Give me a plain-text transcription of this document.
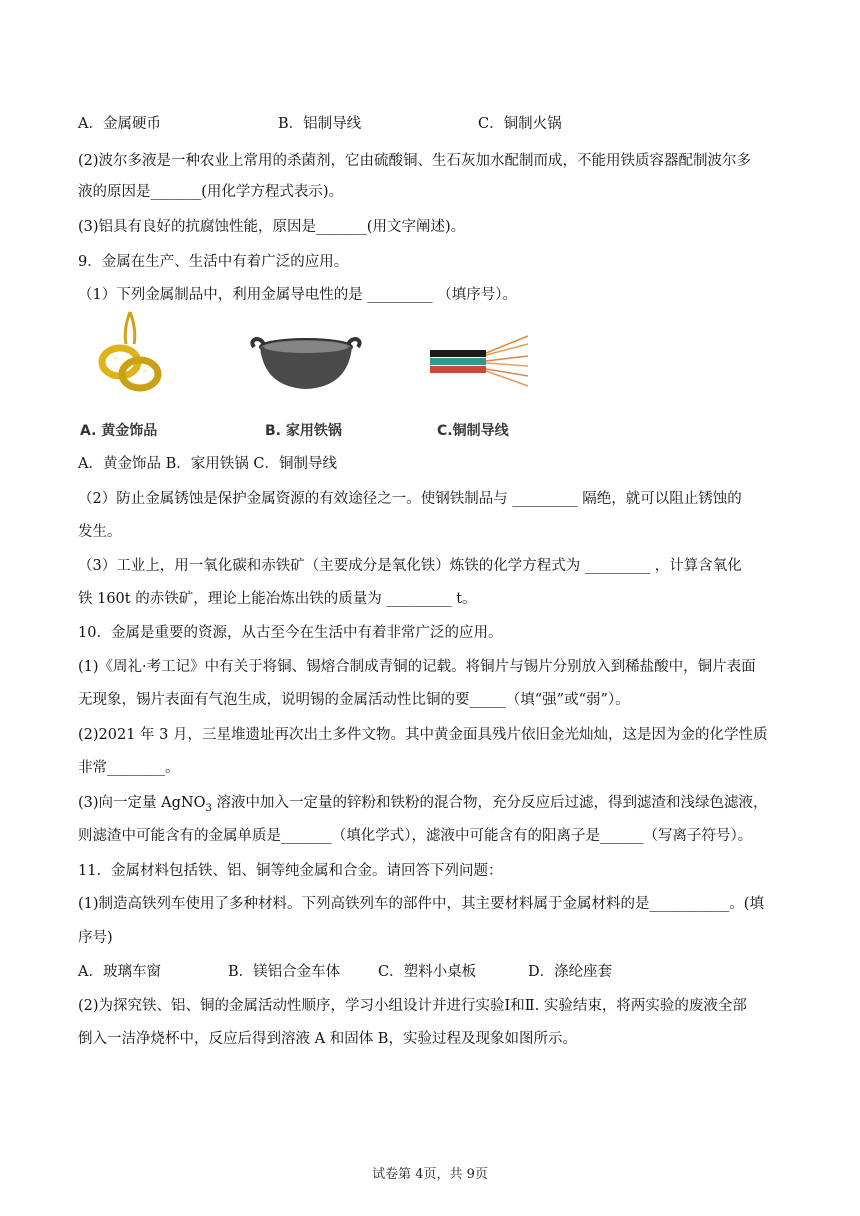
A．金属硬币	B．铝制导线	C．铜制火锅
(2)波尔多液是一种农业上常用的杀菌剂，它由硫酸铜、生石灰加水配制而成，不能用铁质容器配制波尔多
液的原因是_______(用化学方程式表示)。
(3)铝具有良好的抗腐蚀性能，原因是_______(用文字阐述)。
9．金属在生产、生活中有着广泛的应用。
（1）下列金属制品中，利用金属导电性的是 _________ （填序号）。
A. 黄金饰品	B. 家用铁锅	C.铜制导线
A．黄金饰品 B．家用铁锅 C．铜制导线
（2）防止金属锈蚀是保护金属资源的有效途径之一。使钢铁制品与 _________ 隔绝，就可以阻止锈蚀的
发生。
（3）工业上，用一氧化碳和赤铁矿（主要成分是氧化铁）炼铁的化学方程式为 _________ ，计算含氧化
铁 160t 的赤铁矿，理论上能冶炼出铁的质量为 _________ t。
10．金属是重要的资源，从古至今在生活中有着非常广泛的应用。
(1)《周礼·考工记》中有关于将铜、锡熔合制成青铜的记载。将铜片与锡片分别放入到稀盐酸中，铜片表面
无现象，锡片表面有气泡生成，说明锡的金属活动性比铜的要_____（填“强”或“弱”）。
(2)2021 年 3 月，三星堆遗址再次出土多件文物。其中黄金面具残片依旧金光灿灿，这是因为金的化学性质
非常________。
(3)向一定量 AgNO$_3$ 溶液中加入一定量的锌粉和铁粉的混合物，充分反应后过滤，得到滤渣和浅绿色滤液，
则滤渣中可能含有的金属单质是_______（填化学式），滤液中可能含有的阳离子是______（写离子符号）。
11．金属材料包括铁、铝、铜等纯金属和合金。请回答下列问题：
(1)制造高铁列车使用了多种材料。下列高铁列车的部件中，其主要材料属于金属材料的是___________。(填
序号)
A．玻璃车窗	B．镁铝合金车体	C．塑料小桌板	D．涤纶座套
(2)为探究铁、铝、铜的金属活动性顺序，学习小组设计并进行实验Ⅰ和Ⅱ. 实验结束，将两实验的废液全部
倒入一洁净烧杯中，反应后得到溶液 A 和固体 B，实验过程及现象如图所示。
试卷第 4页，共 9页
